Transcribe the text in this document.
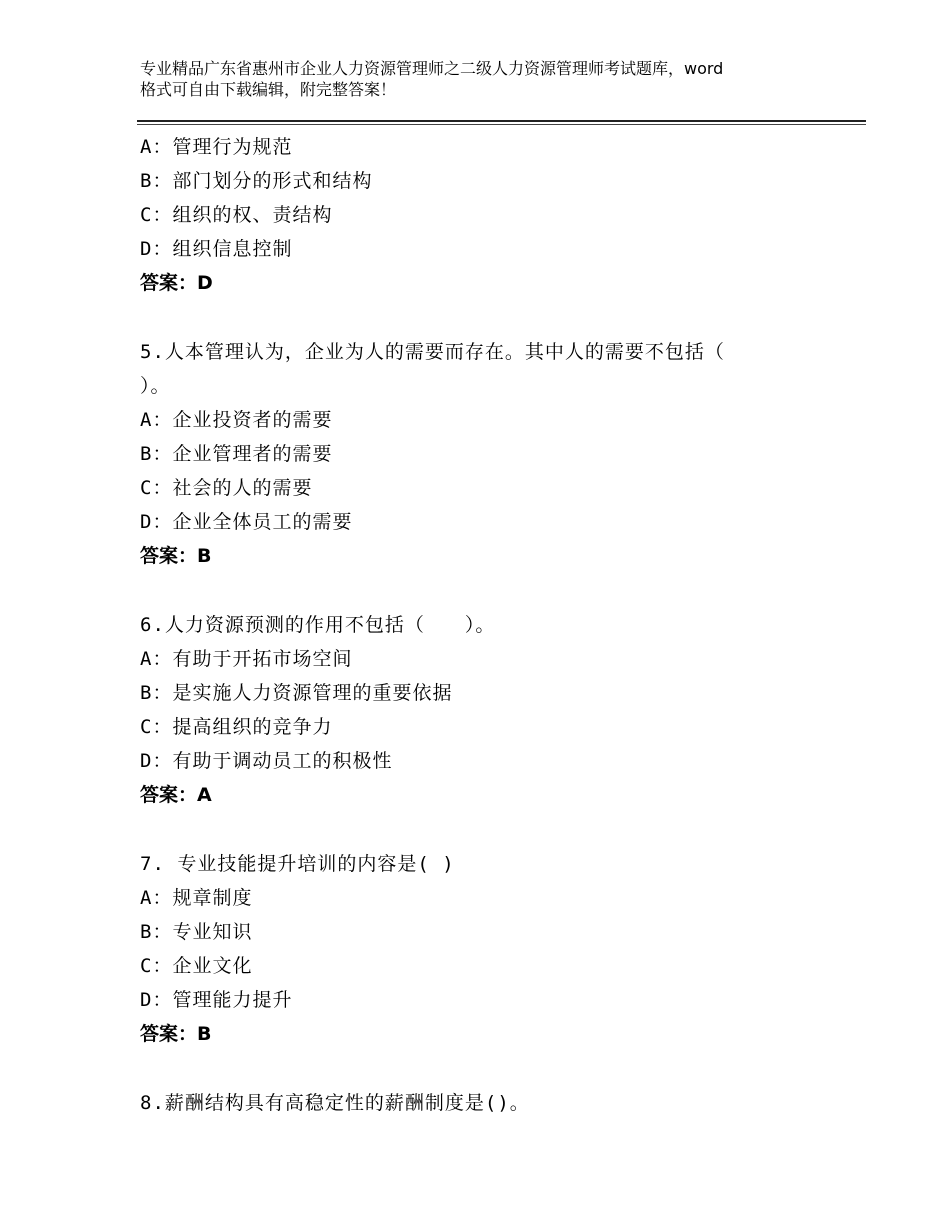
专业精品广东省惠州市企业人力资源管理师之二级人力资源管理师考试题库，word
格式可自由下载编辑，附完整答案！
A：管理行为规范
B：部门划分的形式和结构
C：组织的权、责结构
D：组织信息控制
答案：D
5.人本管理认为，企业为人的需要而存在。其中人的需要不包括（
）。
A：企业投资者的需要
B：企业管理者的需要
C：社会的人的需要
D：企业全体员工的需要
答案：B
6.人力资源预测的作用不包括（　　）。
A：有助于开拓市场空间
B：是实施人力资源管理的重要依据
C：提高组织的竞争力
D：有助于调动员工的积极性
答案：A
7. 专业技能提升培训的内容是( )
A：规章制度
B：专业知识
C：企业文化
D：管理能力提升
答案：B
8.薪酬结构具有高稳定性的薪酬制度是()。
